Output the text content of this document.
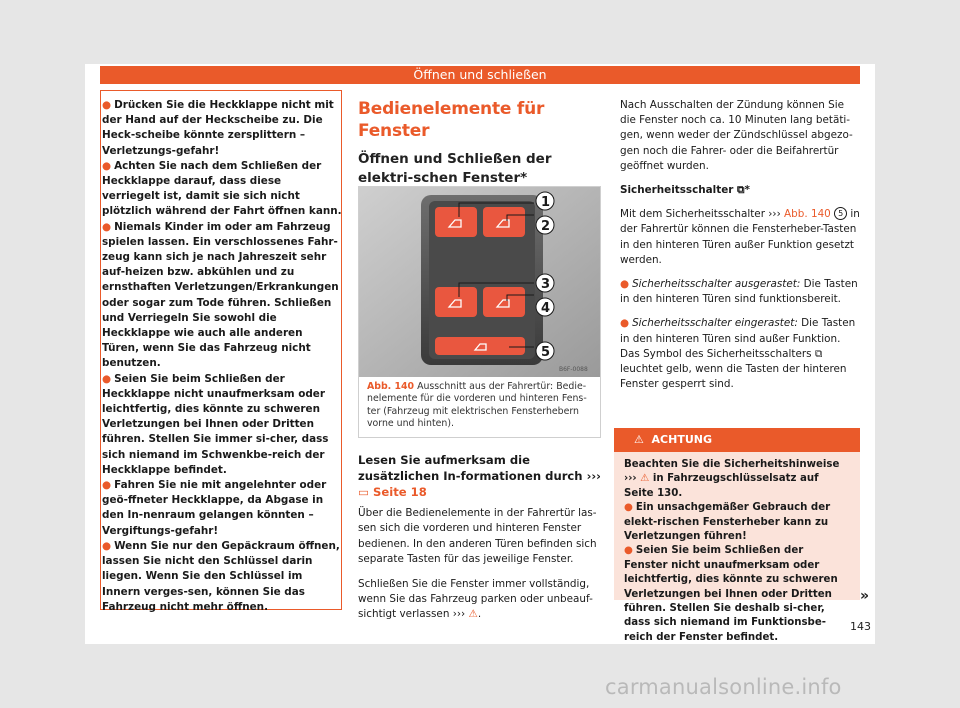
Öffnen und schließen

● Drücken Sie die Heckklappe nicht mit der Hand auf der Heckscheibe zu. Die Heck-scheibe könnte zersplittern – Verletzungs-gefahr!

● Achten Sie nach dem Schließen der Heckklappe darauf, dass diese verriegelt ist, damit sie sich nicht plötzlich während der Fahrt öffnen kann.

● Niemals Kinder im oder am Fahrzeug spielen lassen. Ein verschlossenes Fahr-zeug kann sich je nach Jahreszeit sehr auf-heizen bzw. abkühlen und zu ernsthaften Verletzungen/Erkrankungen oder sogar zum Tode führen. Schließen und Verriegeln Sie sowohl die Heckklappe wie auch alle anderen Türen, wenn Sie das Fahrzeug nicht benutzen.

● Seien Sie beim Schließen der Heckklappe nicht unaufmerksam oder leichtfertig, dies könnte zu schweren Verletzungen bei Ihnen oder Dritten führen. Stellen Sie immer si-cher, dass sich niemand im Schwenkbe-reich der Heckklappe befindet.

● Fahren Sie nie mit angelehnter oder geö-ffneter Heckklappe, da Abgase in den In-nenraum gelangen könnten – Vergiftungs-gefahr!

● Wenn Sie nur den Gepäckraum öffnen, lassen Sie nicht den Schlüssel darin liegen. Wenn Sie den Schlüssel im Innern verges-sen, können Sie das Fahrzeug nicht mehr öffnen.

Bedienelemente für Fenster
Öffnen und Schließen der elektri-schen Fenster*
1
2
3
4
5
B6F-0088
Abb. 140 Ausschnitt aus der Fahrertür: Bedie-nelemente für die vorderen und hinteren Fens-ter (Fahrzeug mit elektrischen Fensterhebern vorne und hinten).
Lesen Sie aufmerksam die zusätzlichen In-formationen durch ››› ▭ Seite 18

Über die Bedienelemente in der Fahrertür las-sen sich die vorderen und hinteren Fenster bedienen. In den anderen Türen befinden sich separate Tasten für das jeweilige Fenster.

Schließen Sie die Fenster immer vollständig, wenn Sie das Fahrzeug parken oder unbeauf-sichtigt verlassen ››› ⚠.

Nach Ausschalten der Zündung können Sie die Fenster noch ca. 10 Minuten lang betäti-gen, wenn weder der Zündschlüssel abgezo-gen noch die Fahrer- oder die Beifahrertür geöffnet wurden.

Sicherheitsschalter ⧉*

Mit dem Sicherheitsschalter ››› Abb. 140 5 in der Fahrertür können die Fensterheber-Tasten in den hinteren Türen außer Funktion gesetzt werden.

● Sicherheitsschalter ausgerastet: Die Tasten in den hinteren Türen sind funktionsbereit.

● Sicherheitsschalter eingerastet: Die Tasten in den hinteren Türen sind außer Funktion. Das Symbol des Sicherheitsschalters ⧉ leuchtet gelb, wenn die Tasten der hinteren Fenster gesperrt sind.

⚠ ACHTUNG

Beachten Sie die Sicherheitshinweise ››› ⚠ in Fahrzeugschlüsselsatz auf Seite 130.

● Ein unsachgemäßer Gebrauch der elekt-rischen Fensterheber kann zu Verletzungen führen!

● Seien Sie beim Schließen der Fenster nicht unaufmerksam oder leichtfertig, dies könnte zu schweren Verletzungen bei Ihnen oder Dritten führen. Stellen Sie deshalb si-cher, dass sich niemand im Funktionsbe-reich der Fenster befindet.

»
143
carmanualsonline.info
